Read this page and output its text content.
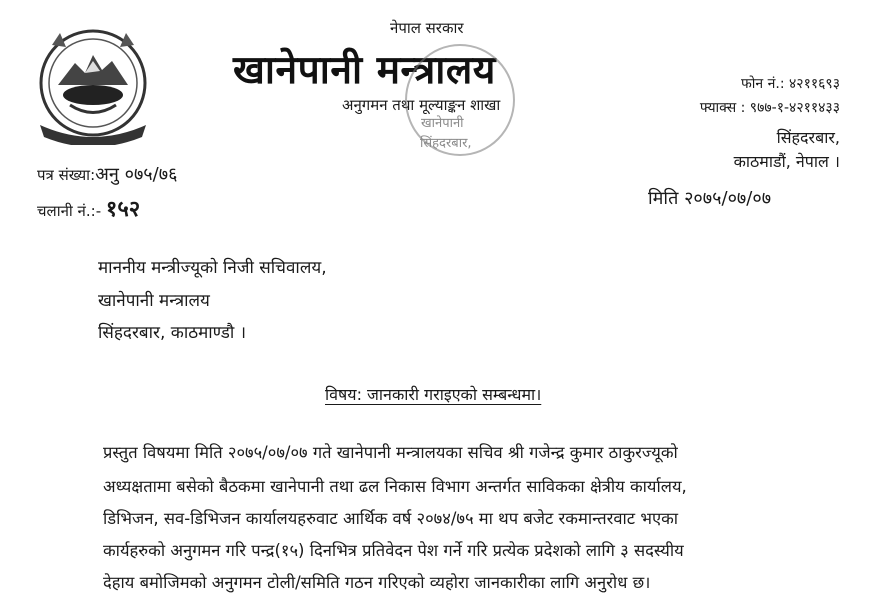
नेपाल सरकार
खानेपानी मन्त्रालय
अनुगमन तथा मूल्याङ्कन शाखा
खानेपानी
सिंहदरबार,
फोन नं.: ४२११६९३
फ्याक्स : ९७७-१-४२११४३३
सिंहदरबार,
काठमाडौं, नेपाल ।
मिति २०७५/०७/०७
पत्र संख्या:अनु ०७५/७६
चलानी नं.:- १५२
माननीय मन्त्रीज्यूको निजी सचिवालय,
खानेपानी मन्त्रालय
सिंहदरबार, काठमाण्डौ ।
विषय: जानकारी गराइएको सम्बन्धमा।
प्रस्तुत विषयमा मिति २०७५/०७/०७ गते खानेपानी मन्त्रालयका सचिव श्री गजेन्द्र कुमार ठाकुरज्यूको
अध्यक्षतामा बसेको बैठकमा खानेपानी तथा ढल निकास विभाग अन्तर्गत साविकका क्षेत्रीय कार्यालय,
डिभिजन, सव-डिभिजन कार्यालयहरुवाट आर्थिक वर्ष २०७४/७५ मा थप बजेट रकमान्तरवाट भएका
कार्यहरुको अनुगमन गरि पन्द्र(१५) दिनभित्र प्रतिवेदन पेश गर्ने गरि प्रत्येक प्रदेशको लागि ३ सदस्यीय
देहाय बमोजिमको अनुगमन टोली/समिति गठन गरिएको व्यहोरा जानकारीका लागि अनुरोध छ।
